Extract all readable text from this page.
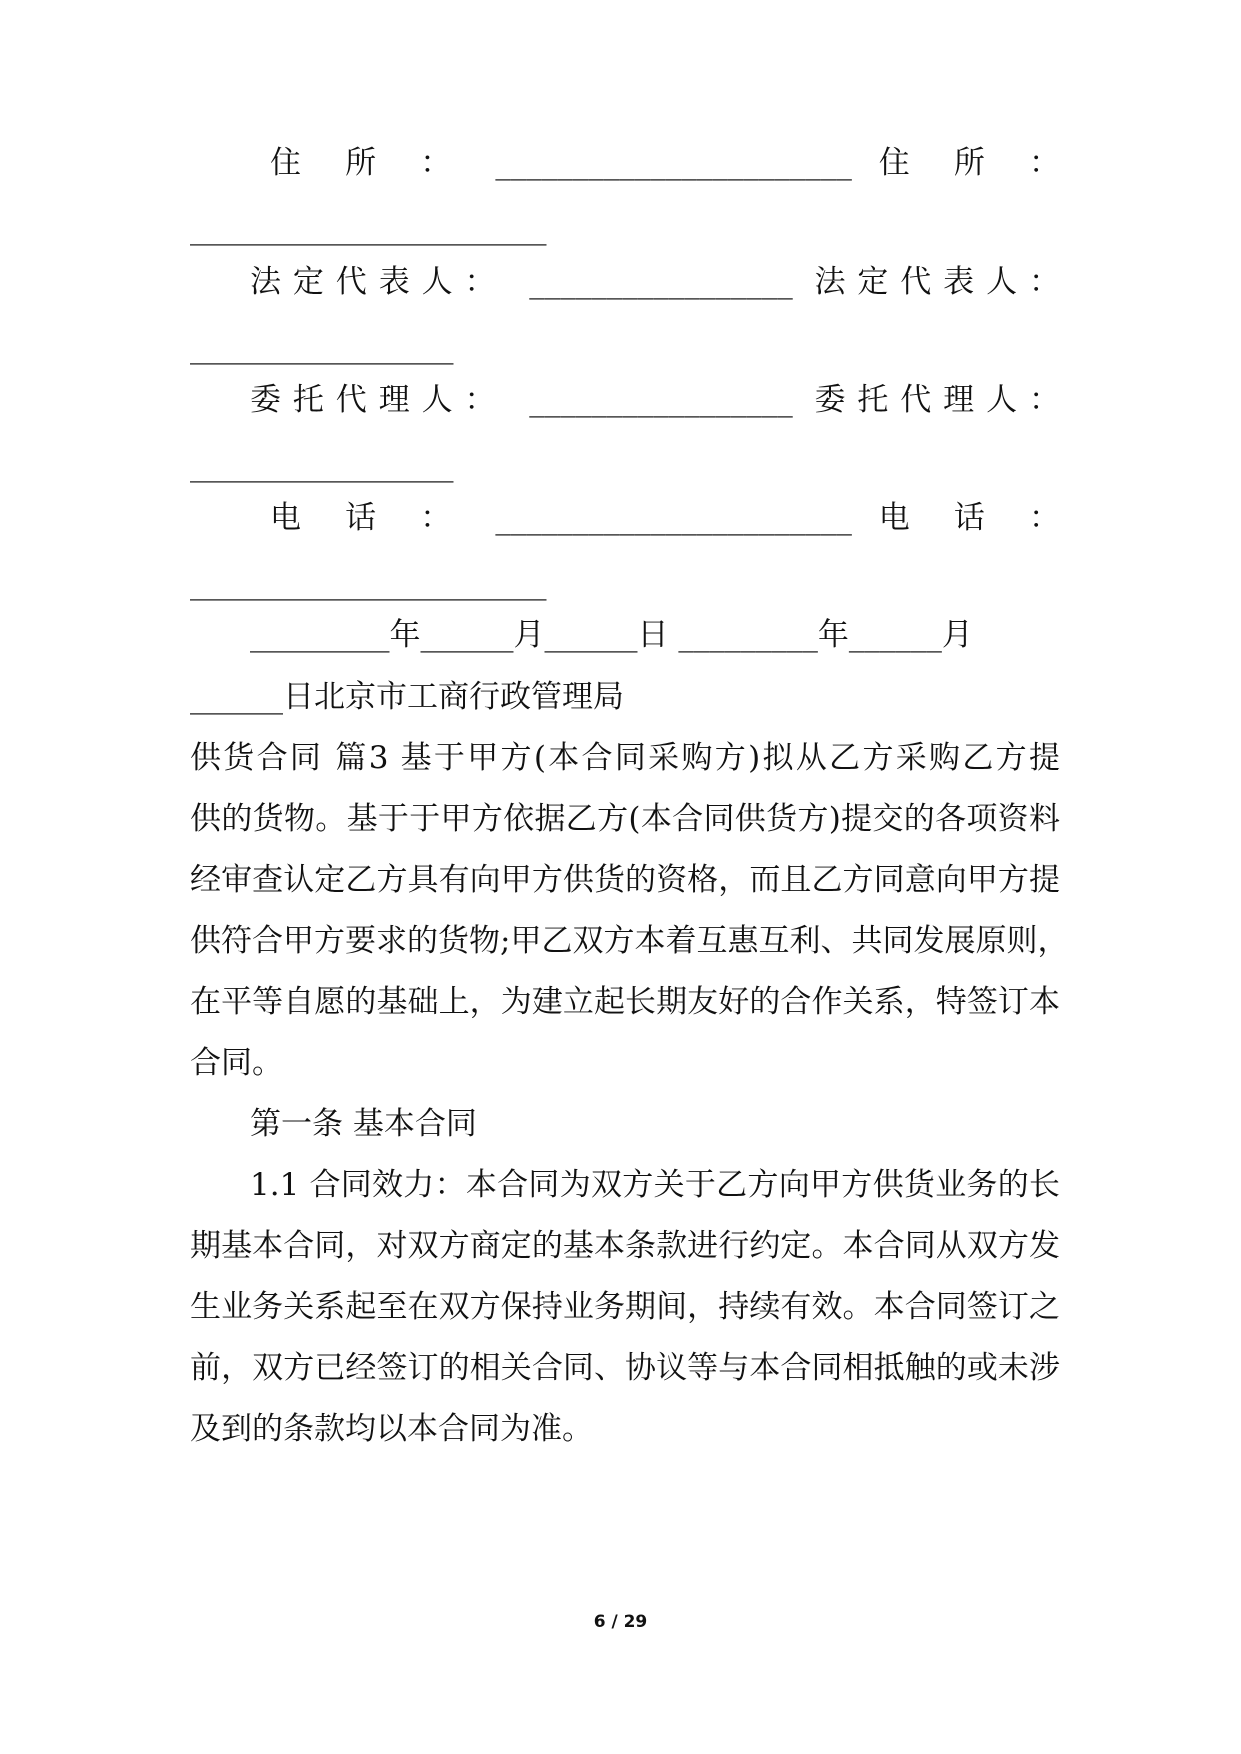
住 所 ： _______________________ 住 所 ：
_______________________
法定代表人： _________________ 法定代表人：
_________________
委托代理人： _________________ 委托代理人：
_________________
电 话 ： _______________________ 电 话 ：
_______________________
_________年______月______日 _________年______月
______日北京市工商行政管理局
供货合同 篇3 基于甲方(本合同采购方)拟从乙方采购乙方提
供的货物。基于于甲方依据乙方(本合同供货方)提交的各项资料
经审查认定乙方具有向甲方供货的资格，而且乙方同意向甲方提
供符合甲方要求的货物;甲乙双方本着互惠互利、共同发展原则，
在平等自愿的基础上，为建立起长期友好的合作关系，特签订本
合同。
第一条 基本合同
1.1 合同效力：本合同为双方关于乙方向甲方供货业务的长
期基本合同，对双方商定的基本条款进行约定。本合同从双方发
生业务关系起至在双方保持业务期间，持续有效。本合同签订之
前，双方已经签订的相关合同、协议等与本合同相抵触的或未涉
及到的条款均以本合同为准。
6 / 29
